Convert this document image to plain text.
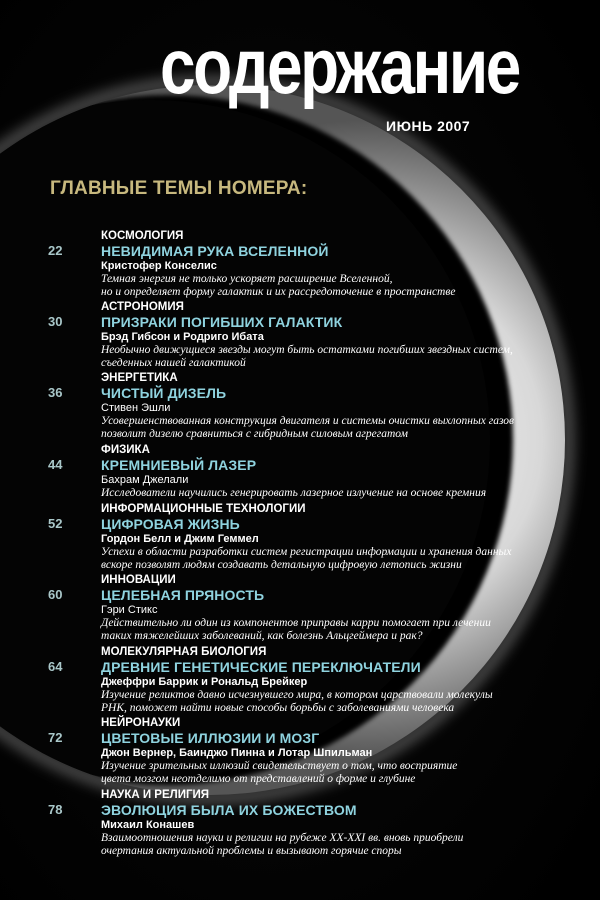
содержание
ИЮНЬ 2007
ГЛАВНЫЕ ТЕМЫ НОМЕРА:
22
КОСМОЛОГИЯ
НЕВИДИМАЯ РУКА ВСЕЛЕННОЙ
Кристофер Конселис
Темная энергия не только ускоряет расширение Вселенной,
но и определяет форму галактик и их рассредоточение в пространстве
30
АСТРОНОМИЯ
ПРИЗРАКИ ПОГИБШИХ ГАЛАКТИК
Брэд Гибсон и Родриго Ибата
Необычно движущиеся звезды могут быть остатками погибших звездных систем,
съеденных нашей галактикой
36
ЭНЕРГЕТИКА
ЧИСТЫЙ ДИЗЕЛЬ
Стивен Эшли
Усовершенствованная конструкция двигателя и системы очистки выхлопных газов
позволит дизелю сравниться с гибридным силовым агрегатом
44
ФИЗИКА
КРЕМНИЕВЫЙ ЛАЗЕР
Бахрам Джелали
Исследователи научились генерировать лазерное излучение на основе кремния
52
ИНФОРМАЦИОННЫЕ ТЕХНОЛОГИИ
ЦИФРОВАЯ ЖИЗНЬ
Гордон Белл и Джим Геммел
Успехи в области разработки систем регистрации информации и хранения данных
вскоре позволят людям создавать детальную цифровую летопись жизни
60
ИННОВАЦИИ
ЦЕЛЕБНАЯ ПРЯНОСТЬ
Гэри Стикс
Действительно ли один из компонентов приправы карри помогает при лечении
таких тяжелейших заболеваний, как болезнь Альцгеймера и рак?
64
МОЛЕКУЛЯРНАЯ БИОЛОГИЯ
ДРЕВНИЕ ГЕНЕТИЧЕСКИЕ ПЕРЕКЛЮЧАТЕЛИ
Джеффри Баррик и Рональд Брейкер
Изучение реликтов давно исчезнувшего мира, в котором царствовали молекулы
РНК, поможет найти новые способы борьбы с заболеваниями человека
72
НЕЙРОНАУКИ
ЦВЕТОВЫЕ ИЛЛЮЗИИ И МОЗГ
Джон Вернер, Баинджо Пинна и Лотар Шпильман
Изучение зрительных иллюзий свидетельствует о том, что восприятие
цвета мозгом неотделимо от представлений о форме и глубине
78
НАУКА И РЕЛИГИЯ
ЭВОЛЮЦИЯ БЫЛА ИХ БОЖЕСТВОМ
Михаил Конашев
Взаимоотношения науки и религии на рубеже XX-XXI вв. вновь приобрели
очертания актуальной проблемы и вызывают горячие споры
